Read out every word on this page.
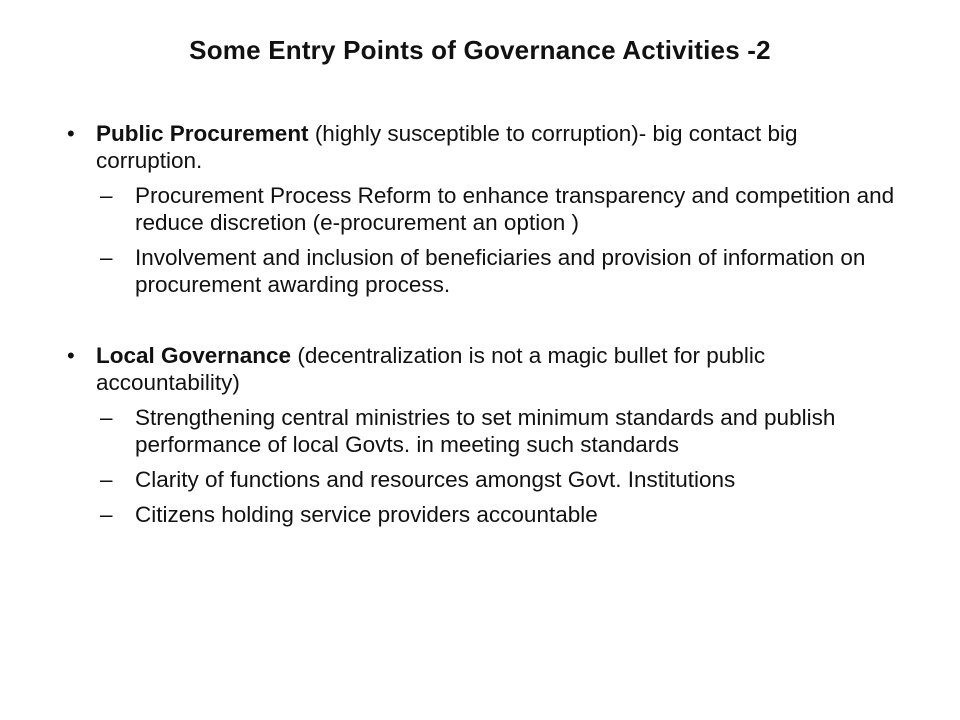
Some Entry Points of Governance Activities -2
• Public Procurement (highly susceptible to corruption)- big contact big corruption.
– Procurement Process Reform to enhance transparency and competition and reduce discretion (e-procurement an option )
– Involvement and inclusion of beneficiaries and provision of information on procurement awarding process.
• Local Governance (decentralization is not a magic bullet for public accountability)
– Strengthening central ministries to set minimum standards and publish performance of local Govts. in meeting such standards
– Clarity of functions and resources amongst Govt. Institutions
– Citizens holding service providers accountable
